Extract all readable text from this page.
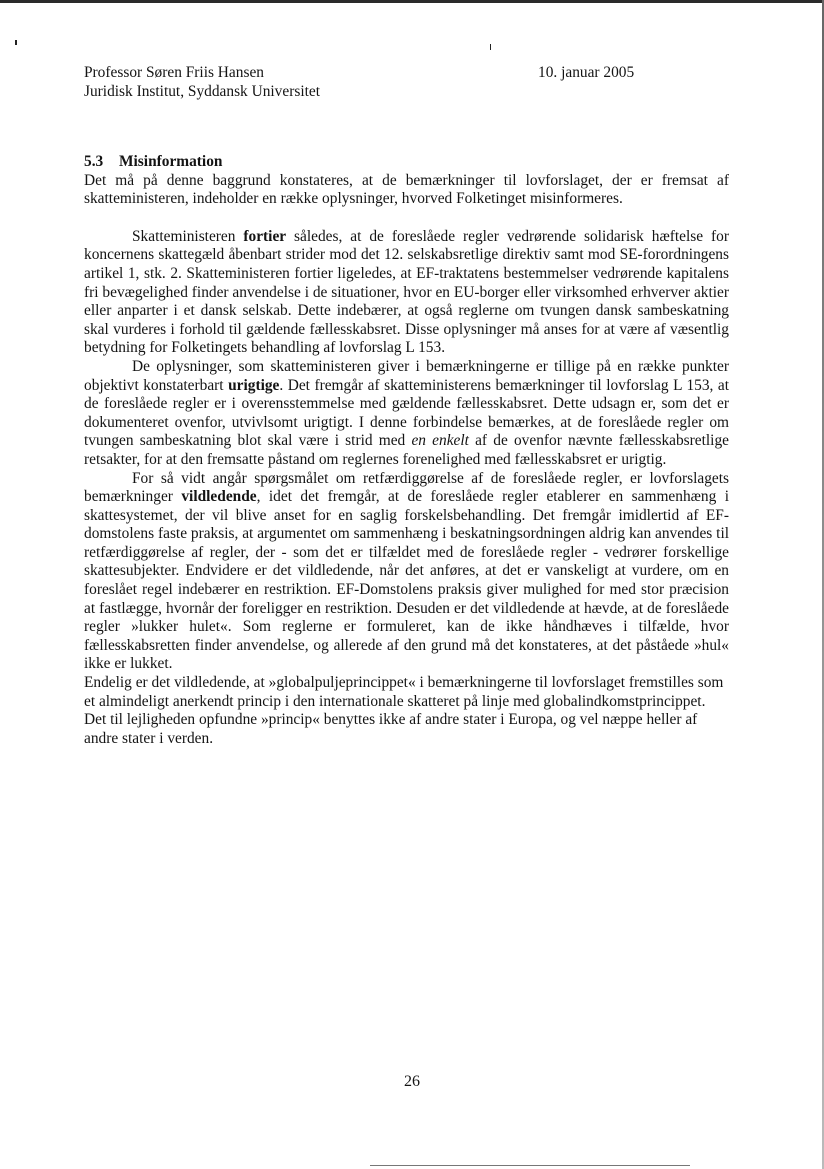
Professor Søren Friis Hansen
Juridisk Institut, Syddansk Universitet
10. januar 2005
5.3 Misinformation

Det må på denne baggrund konstateres, at de bemærkninger til lovforslaget, der er fremsat af skatteministeren, indeholder en række oplysninger, hvorved Folketinget misinformeres.

Skatteministeren fortier således, at de foreslåede regler vedrørende solidarisk hæftelse for koncernens skattegæld åbenbart strider mod det 12. selskabsretlige direktiv samt mod SE-forordningens artikel 1, stk. 2. Skatteministeren fortier ligeledes, at EF-traktatens bestemmelser vedrørende kapitalens fri bevægelighed finder anvendelse i de situationer, hvor en EU-borger eller virksomhed erhverver aktier eller anparter i et dansk selskab. Dette indebærer, at også reglerne om tvungen dansk sambeskatning skal vurderes i forhold til gældende fællesskabsret. Disse oplysninger må anses for at være af væsentlig betydning for Folketingets behandling af lovforslag L 153.

De oplysninger, som skatteministeren giver i bemærkningerne er tillige på en række punkter objektivt konstaterbart urigtige. Det fremgår af skatteministerens bemærkninger til lovforslag L 153, at de foreslåede regler er i overensstemmelse med gældende fællesskabsret. Dette udsagn er, som det er dokumenteret ovenfor, utvivlsomt urigtigt. I denne forbindelse bemærkes, at de foreslåede regler om tvungen sambeskatning blot skal være i strid med en enkelt af de ovenfor nævnte fællesskabsretlige retsakter, for at den fremsatte påstand om reglernes forenelighed med fællesskabsret er urigtig.

For så vidt angår spørgsmålet om retfærdiggørelse af de foreslåede regler, er lovforslagets bemærkninger vildledende, idet det fremgår, at de foreslåede regler etablerer en sammenhæng i skattesystemet, der vil blive anset for en saglig forskelsbehandling. Det fremgår imidlertid af EF-domstolens faste praksis, at argumentet om sammenhæng i beskatningsordningen aldrig kan anvendes til retfærdiggørelse af regler, der - som det er tilfældet med de foreslåede regler - vedrører forskellige skattesubjekter. Endvidere er det vildledende, når det anføres, at det er vanskeligt at vurdere, om en foreslået regel indebærer en restriktion. EF-Domstolens praksis giver mulighed for med stor præcision at fastlægge, hvornår der foreligger en restriktion. Desuden er det vildledende at hævde, at de foreslåede regler »lukker hulet«. Som reglerne er formuleret, kan de ikke håndhæves i tilfælde, hvor fællesskabsretten finder anvendelse, og allerede af den grund må det konstateres, at det påståede »hul« ikke er lukket.

Endelig er det vildledende, at »globalpuljeprincippet« i bemærkningerne til lovforslaget fremstilles som et almindeligt anerkendt princip i den internationale skatteret på linje med globalindkomstprincippet. Det til lejligheden opfundne »princip« benyttes ikke af andre stater i Europa, og vel næppe heller af andre stater i verden.

26
